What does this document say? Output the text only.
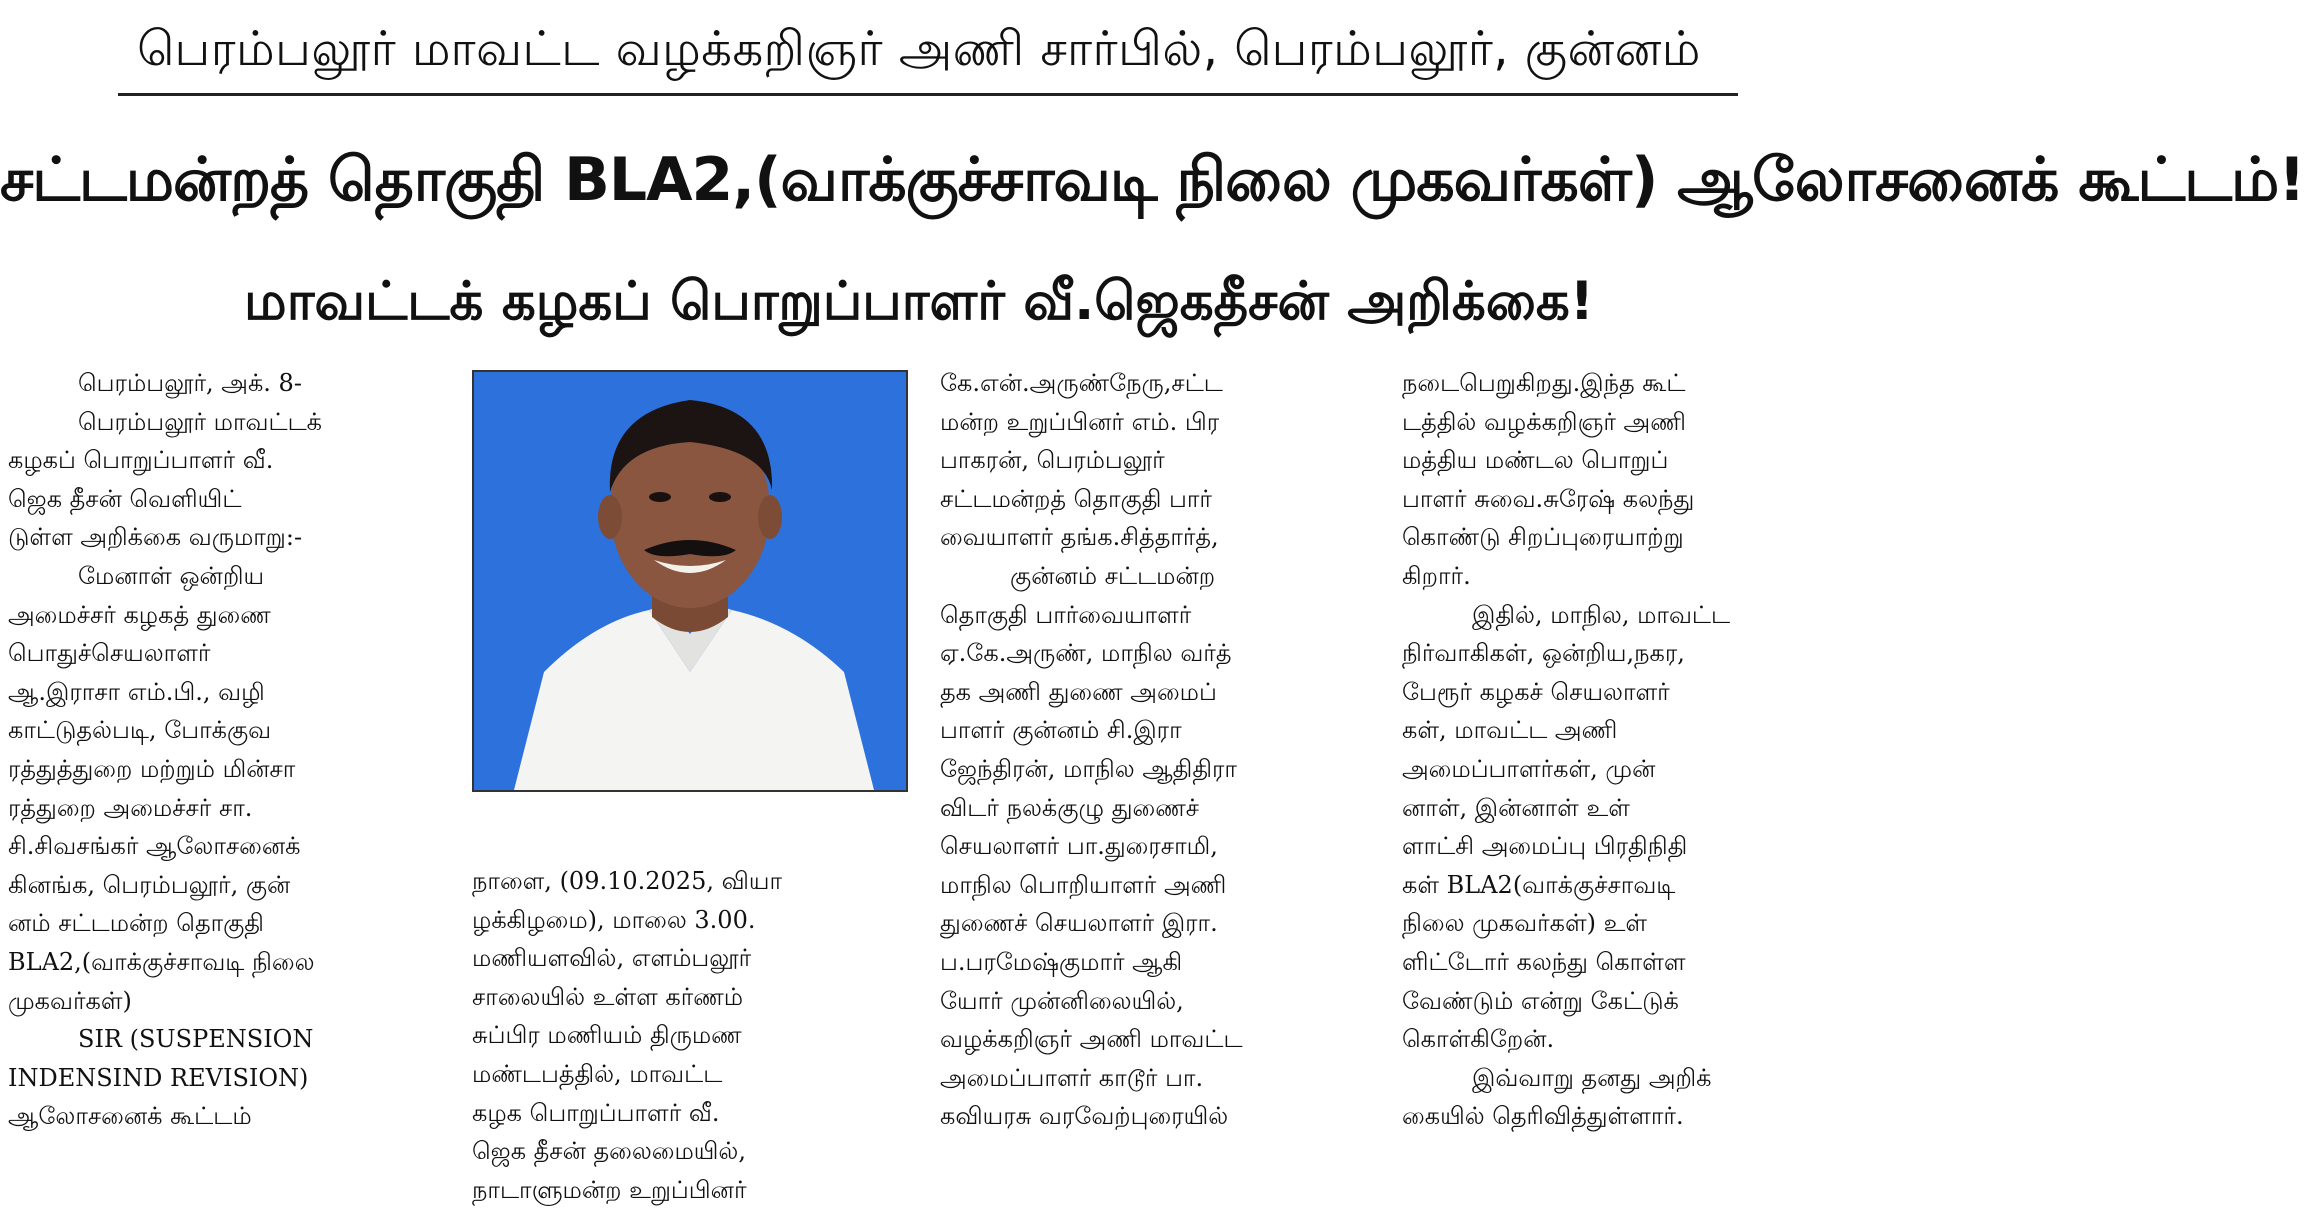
பெரம்பலூர் மாவட்ட வழக்கறிஞர் அணி சார்பில், பெரம்பலூர், குன்னம்
சட்டமன்றத் தொகுதி BLA2,(வாக்குச்சாவடி நிலை முகவர்கள்) ஆலோசனைக் கூட்டம்!
மாவட்டக் கழகப் பொறுப்பாளர் வீ.ஜெகதீசன் அறிக்கை!
பெரம்பலூர், அக். 8-
பெரம்பலூர் மாவட்டக்
கழகப் பொறுப்பாளர் வீ.
ஜெக தீசன் வெளியிட்
டுள்ள அறிக்கை வருமாறு:-
மேனாள் ஒன்றிய
அமைச்சர் கழகத் துணை
பொதுச்செயலாளர்
ஆ.இராசா எம்.பி., வழி
காட்டுதல்படி, போக்குவ
ரத்துத்துறை மற்றும் மின்சா
ரத்துறை அமைச்சர் சா.
சி.சிவசங்கர் ஆலோசனைக்
கினங்க, பெரம்பலூர், குன்
னம் சட்டமன்ற தொகுதி
BLA2,(வாக்குச்சாவடி நிலை
முகவர்கள்)
SIR (SUSPENSION
INDENSIND REVISION)
ஆலோசனைக் கூட்டம்
நாளை, (09.10.2025, வியா
ழக்கிழமை), மாலை 3.00.
மணியளவில், எளம்பலூர்
சாலையில் உள்ள கர்ணம்
சுப்பிர மணியம் திருமண
மண்டபத்தில், மாவட்ட
கழக பொறுப்பாளர் வீ.
ஜெக தீசன் தலைமையில்,
நாடாளுமன்ற உறுப்பினர்
கே.என்.அருண்நேரு,சட்ட
மன்ற உறுப்பினர் எம். பிர
பாகரன், பெரம்பலூர்
சட்டமன்றத் தொகுதி பார்
வையாளர் தங்க.சித்தார்த்,
குன்னம் சட்டமன்ற
தொகுதி பார்வையாளர்
ஏ.கே.அருண், மாநில வர்த்
தக அணி துணை அமைப்
பாளர் குன்னம் சி.இரா
ஜேந்திரன், மாநில ஆதிதிரா
விடர் நலக்குழு துணைச்
செயலாளர் பா.துரைசாமி,
மாநில பொறியாளர் அணி
துணைச் செயலாளர் இரா.
ப.பரமேஷ்குமார் ஆகி
யோர் முன்னிலையில்,
வழக்கறிஞர் அணி மாவட்ட
அமைப்பாளர் காடூர் பா.
கவியரசு வரவேற்புரையில்
நடைபெறுகிறது.இந்த கூட்
டத்தில் வழக்கறிஞர் அணி
மத்திய மண்டல பொறுப்
பாளர் சுவை.சுரேஷ் கலந்து
கொண்டு சிறப்புரையாற்று
கிறார்.
இதில், மாநில, மாவட்ட
நிர்வாகிகள், ஒன்றிய,நகர,
பேரூர் கழகச் செயலாளர்
கள், மாவட்ட அணி
அமைப்பாளர்கள், முன்
னாள், இன்னாள் உள்
ளாட்சி அமைப்பு பிரதிநிதி
கள் BLA2(வாக்குச்சாவடி
நிலை முகவர்கள்) உள்
ளிட்டோர் கலந்து கொள்ள
வேண்டும் என்று கேட்டுக்
கொள்கிறேன்.
இவ்வாறு தனது அறிக்
கையில் தெரிவித்துள்ளார்.
